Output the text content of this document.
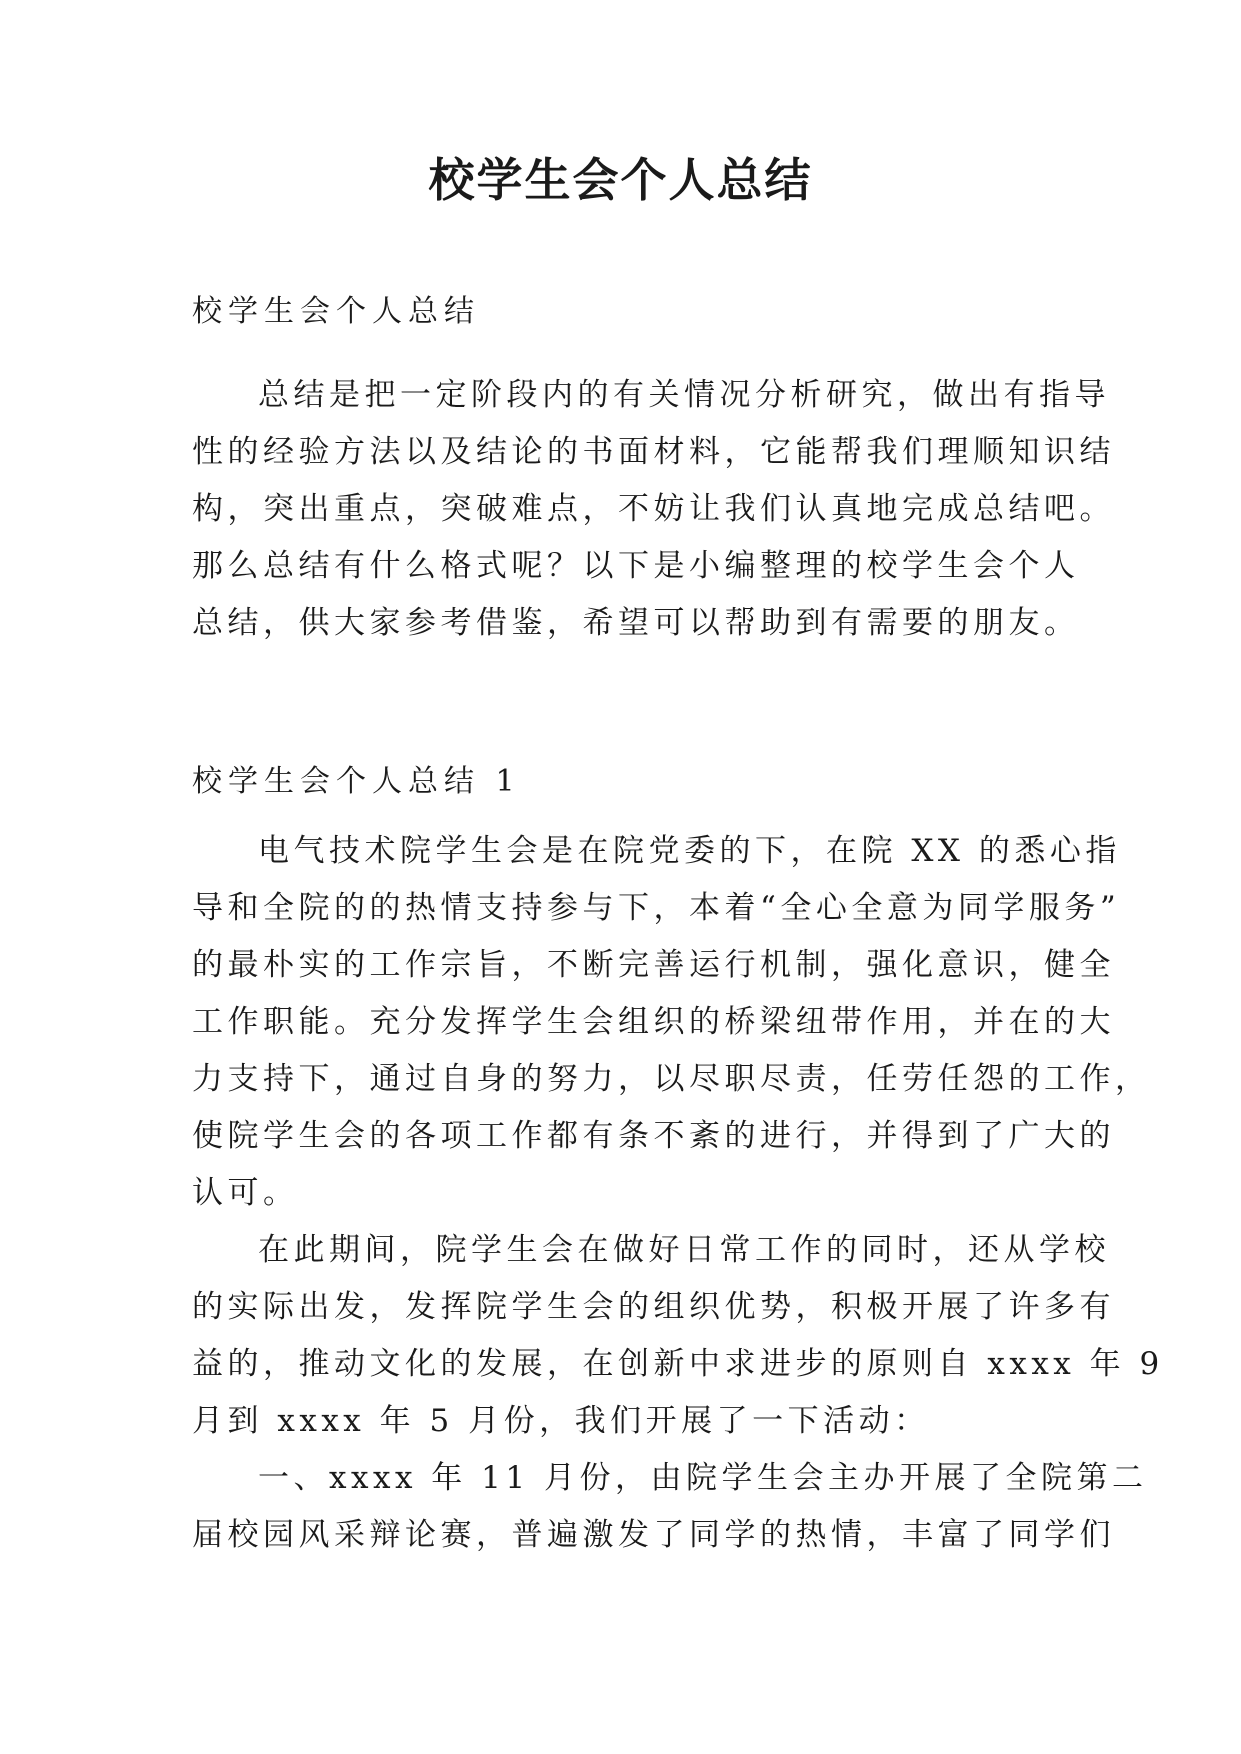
校学生会个人总结
校学生会个人总结
总结是把一定阶段内的有关情况分析研究，做出有指导
性的经验方法以及结论的书面材料，它能帮我们理顺知识结
构，突出重点，突破难点，不妨让我们认真地完成总结吧。
那么总结有什么格式呢？以下是小编整理的校学生会个人
总结，供大家参考借鉴，希望可以帮助到有需要的朋友。
校学生会个人总结 1
电气技术院学生会是在院党委的下，在院 XX 的悉心指
导和全院的的热情支持参与下，本着“全心全意为同学服务”
的最朴实的工作宗旨，不断完善运行机制，强化意识，健全
工作职能。充分发挥学生会组织的桥梁纽带作用，并在的大
力支持下，通过自身的努力，以尽职尽责，任劳任怨的工作，
使院学生会的各项工作都有条不紊的进行，并得到了广大的
认可。
在此期间，院学生会在做好日常工作的同时，还从学校
的实际出发，发挥院学生会的组织优势，积极开展了许多有
益的，推动文化的发展，在创新中求进步的原则自 xxxx 年 9
月到 xxxx 年 5 月份，我们开展了一下活动：
一、xxxx 年 11 月份，由院学生会主办开展了全院第二
届校园风采辩论赛，普遍激发了同学的热情，丰富了同学们
